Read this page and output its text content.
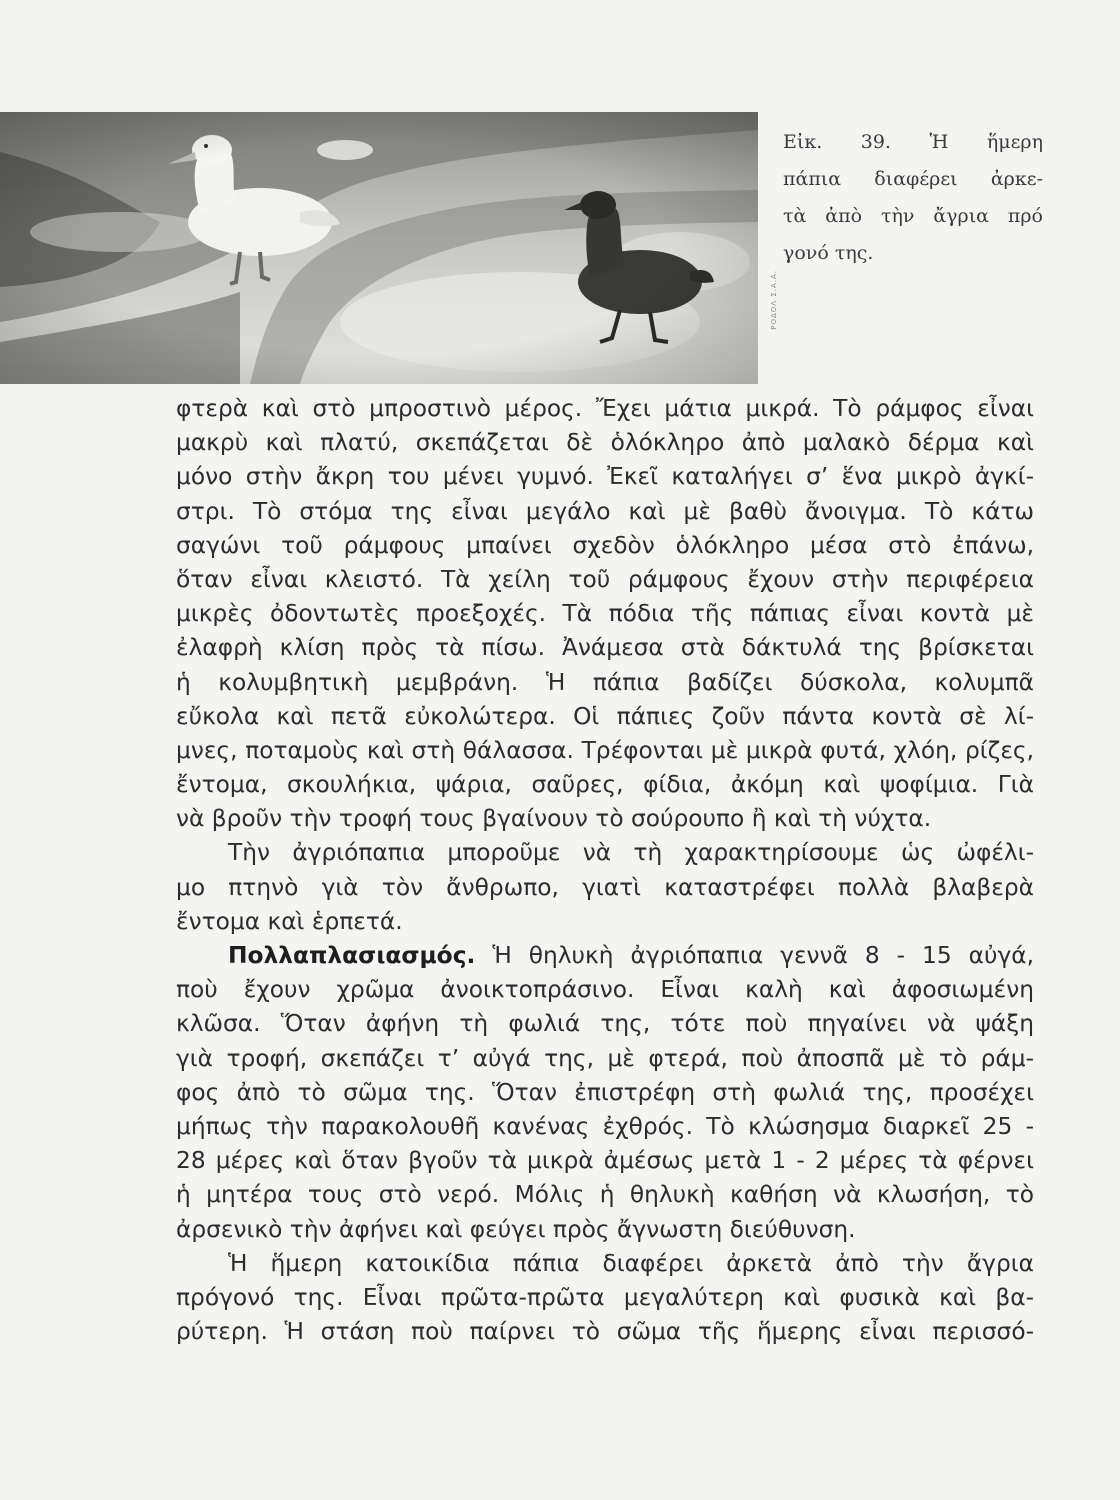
ΡΟΔΟΛ Σ.Α.Α.

Εἰκ. 39. Ἡ ἥμερη
πάπια διαφέρει ἀρκε-
τὰ ἀπὸ τὴν ἄγρια πρό
γονό της.

φτερὰ καὶ στὸ μπροστινὸ μέρος. Ἔχει μάτια μικρά. Τὸ ράμφος εἶναι
μακρὺ καὶ πλατύ, σκεπάζεται δὲ ὁλόκληρο ἀπὸ μαλακὸ δέρμα καὶ
μόνο στὴν ἄκρη του μένει γυμνό. Ἐκεῖ καταλήγει σ’ ἕνα μικρὸ ἀγκί-
στρι. Τὸ στόμα της εἶναι μεγάλο καὶ μὲ βαθὺ ἄνοιγμα. Τὸ κάτω
σαγώνι τοῦ ράμφους μπαίνει σχεδὸν ὁλόκληρο μέσα στὸ ἐπάνω,
ὅταν εἶναι κλειστό. Τὰ χείλη τοῦ ράμφους ἔχουν στὴν περιφέρεια
μικρὲς ὀδοντωτὲς προεξοχές. Τὰ πόδια τῆς πάπιας εἶναι κοντὰ μὲ
ἐλαφρὴ κλίση πρὸς τὰ πίσω. Ἀνάμεσα στὰ δάκτυλά της βρίσκεται
ἡ κολυμβητικὴ μεμβράνη. Ἡ πάπια βαδίζει δύσκολα, κολυμπᾶ
εὔκολα καὶ πετᾶ εὐκολώτερα. Οἱ πάπιες ζοῦν πάντα κοντὰ σὲ λί-
μνες, ποταμοὺς καὶ στὴ θάλασσα. Τρέφονται μὲ μικρὰ φυτά, χλόη, ρίζες,
ἔντομα, σκουλήκια, ψάρια, σαῦρες, φίδια, ἀκόμη καὶ ψοφίμια. Γιὰ
νὰ βροῦν τὴν τροφή τους βγαίνουν τὸ σούρουπο ἢ καὶ τὴ νύχτα.
Τὴν ἀγριόπαπια μποροῦμε νὰ τὴ χαρακτηρίσουμε ὡς ὠφέλι-
μο πτηνὸ γιὰ τὸν ἄνθρωπο, γιατὶ καταστρέφει πολλὰ βλαβερὰ
ἔντομα καὶ ἑρπετά.
Πολλαπλασιασμός. Ἡ θηλυκὴ ἀγριόπαπια γεννᾶ 8 - 15 αὐγά,
ποὺ ἔχουν χρῶμα ἀνοικτοπράσινο. Εἶναι καλὴ καὶ ἀφοσιωμένη
κλῶσα. Ὅταν ἀφήνη τὴ φωλιά της, τότε ποὺ πηγαίνει νὰ ψάξη
γιὰ τροφή, σκεπάζει τ’ αὐγά της, μὲ φτερά, ποὺ ἀποσπᾶ μὲ τὸ ράμ-
φος ἀπὸ τὸ σῶμα της. Ὅταν ἐπιστρέφη στὴ φωλιά της, προσέχει
μήπως τὴν παρακολουθῆ κανένας ἐχθρός. Τὸ κλώσησμα διαρκεῖ 25 -
28 μέρες καὶ ὅταν βγοῦν τὰ μικρὰ ἀμέσως μετὰ 1 - 2 μέρες τὰ φέρνει
ἡ μητέρα τους στὸ νερό. Μόλις ἡ θηλυκὴ καθήση νὰ κλωσήση, τὸ
ἀρσενικὸ τὴν ἀφήνει καὶ φεύγει πρὸς ἄγνωστη διεύθυνση.
Ἡ ἥμερη κατοικίδια πάπια διαφέρει ἀρκετὰ ἀπὸ τὴν ἄγρια
πρόγονό της. Εἶναι πρῶτα-πρῶτα μεγαλύτερη καὶ φυσικὰ καὶ βα-
ρύτερη. Ἡ στάση ποὺ παίρνει τὸ σῶμα τῆς ἥμερης εἶναι περισσό-
